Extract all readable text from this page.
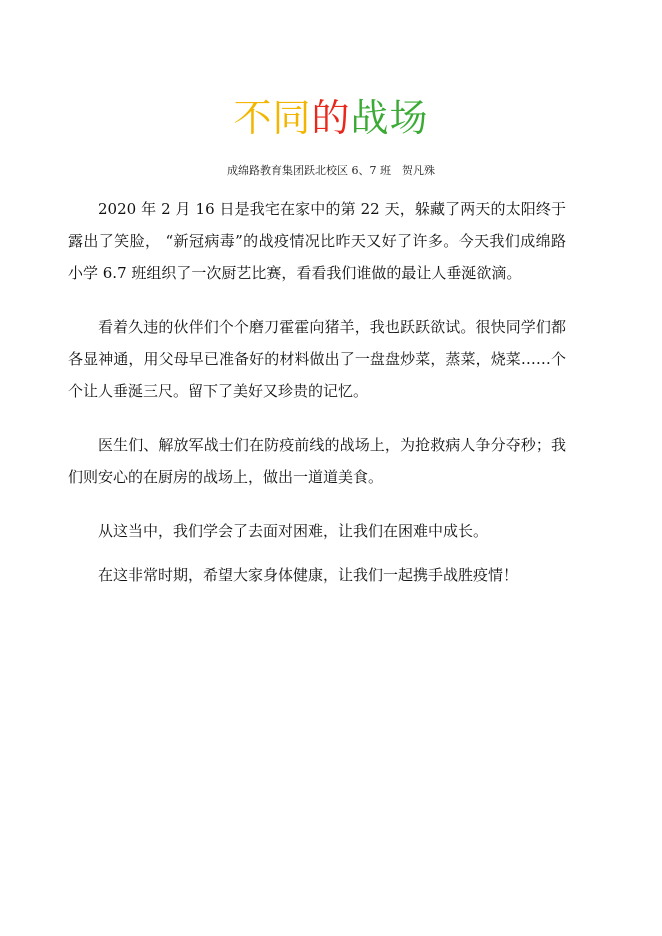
不同的战场
成绵路教育集团跃北校区 6、7 班　贺凡殊

2020 年 2 月 16 日是我宅在家中的第 22 天，躲藏了两天的太阳终于露出了笑脸， “新冠病毒”的战疫情况比昨天又好了许多。今天我们成绵路小学 6.7 班组织了一次厨艺比赛，看看我们谁做的最让人垂涎欲滴。

看着久违的伙伴们个个磨刀霍霍向猪羊，我也跃跃欲试。很快同学们都各显神通，用父母早已准备好的材料做出了一盘盘炒菜，蒸菜，烧菜……个个让人垂涎三尺。留下了美好又珍贵的记忆。

医生们、解放军战士们在防疫前线的战场上，为抢救病人争分夺秒；我们则安心的在厨房的战场上，做出一道道美食。

从这当中，我们学会了去面对困难，让我们在困难中成长。

在这非常时期，希望大家身体健康，让我们一起携手战胜疫情！
